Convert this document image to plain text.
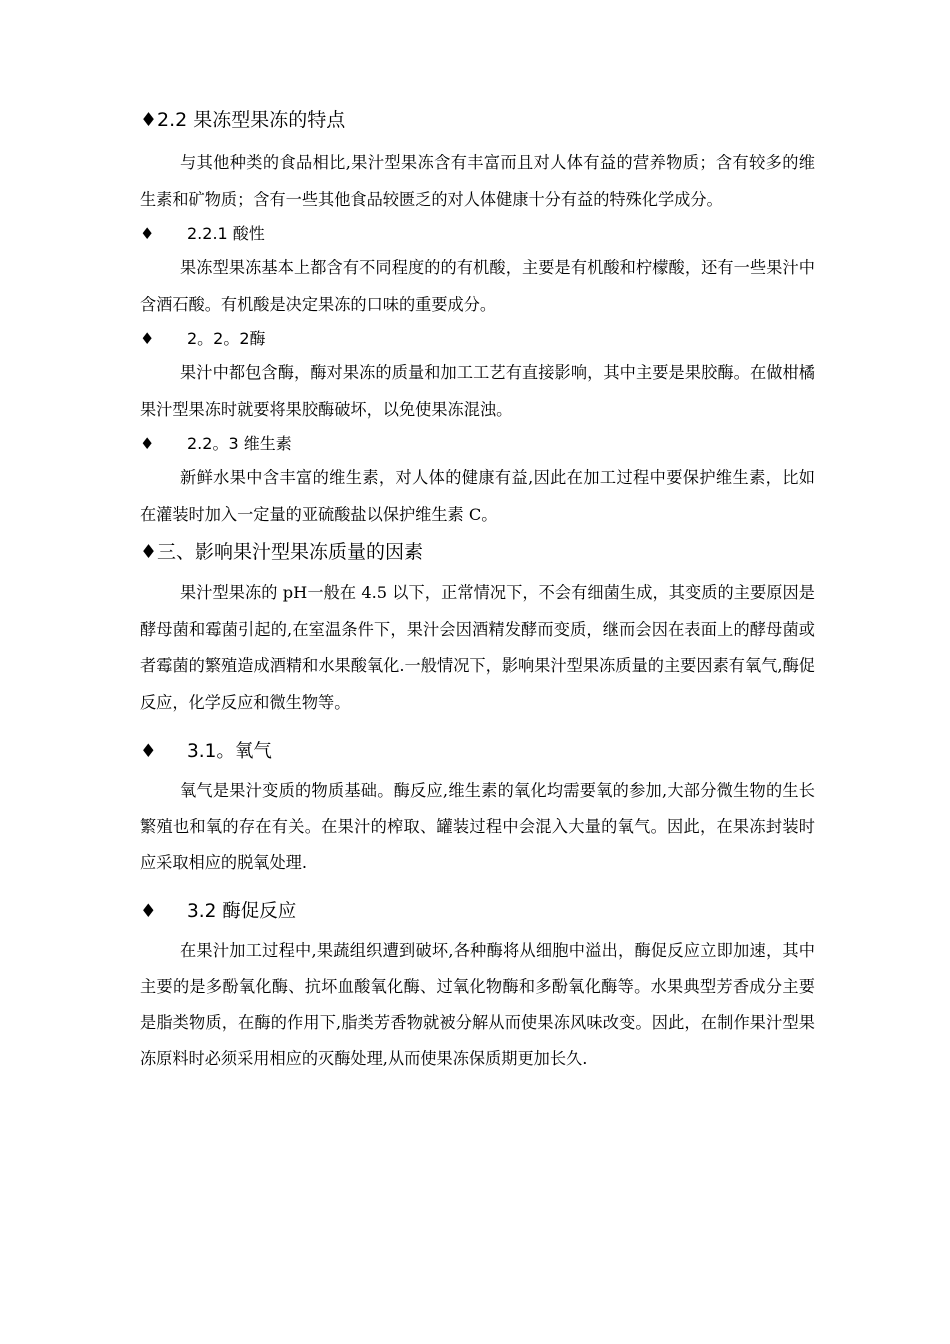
♦2.2 果冻型果冻的特点

与其他种类的食品相比,果汁型果冻含有丰富而且对人体有益的营养物质；含有较多的维生素和矿物质；含有一些其他食品较匮乏的对人体健康十分有益的特殊化学成分。

♦ 2.2.1 酸性

果冻型果冻基本上都含有不同程度的的有机酸，主要是有机酸和柠檬酸，还有一些果汁中含酒石酸。有机酸是决定果冻的口味的重要成分。

♦ 2。2。2酶

果汁中都包含酶，酶对果冻的质量和加工工艺有直接影响，其中主要是果胶酶。在做柑橘果汁型果冻时就要将果胶酶破坏，以免使果冻混浊。

♦ 2.2。3 维生素

新鲜水果中含丰富的维生素，对人体的健康有益,因此在加工过程中要保护维生素，比如在灌装时加入一定量的亚硫酸盐以保护维生素 C。

♦三、影响果汁型果冻质量的因素

果汁型果冻的 pH一般在 4.5 以下，正常情况下，不会有细菌生成，其变质的主要原因是酵母菌和霉菌引起的,在室温条件下，果汁会因酒精发酵而变质，继而会因在表面上的酵母菌或者霉菌的繁殖造成酒精和水果酸氧化.一般情况下，影响果汁型果冻质量的主要因素有氧气,酶促反应，化学反应和微生物等。

♦ 3.1。氧气

氧气是果汁变质的物质基础。酶反应,维生素的氧化均需要氧的参加,大部分微生物的生长繁殖也和氧的存在有关。在果汁的榨取、罐装过程中会混入大量的氧气。因此，在果冻封装时应采取相应的脱氧处理.

♦ 3.2 酶促反应

在果汁加工过程中,果蔬组织遭到破坏,各种酶将从细胞中溢出，酶促反应立即加速，其中主要的是多酚氧化酶、抗坏血酸氧化酶、过氧化物酶和多酚氧化酶等。水果典型芳香成分主要是脂类物质，在酶的作用下,脂类芳香物就被分解从而使果冻风味改变。因此，在制作果汁型果冻原料时必须采用相应的灭酶处理,从而使果冻保质期更加长久.
